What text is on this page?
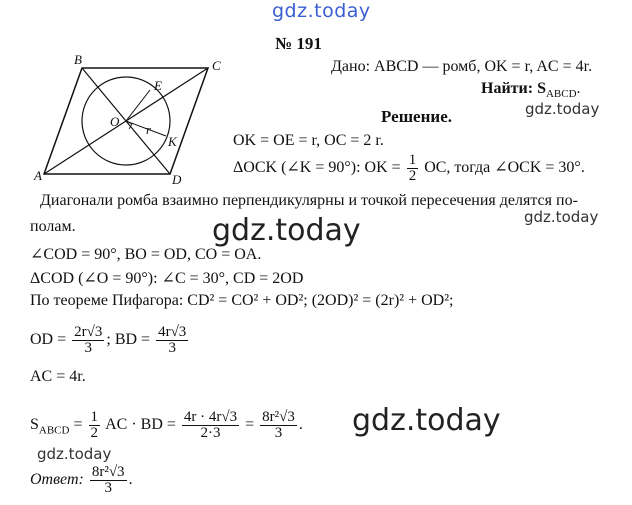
gdz.today
gdz.today
gdz.today
gdz.today
gdz.today
gdz.today
A
B	C
D
O
E
K
r
№ 191
Дано: ABCD — ромб, OK = r, AC = 4r.
Найти: $S_{ABCD}$.
Решение.
OK = OE = r, OC = 2 r.
ΔOCK (∠K = 90°): OK = $\frac{1}{2}$ OC, тогда ∠OCK = 30°.
Диагонали ромба взаимно перпендикулярны и точкой пересечения делятся по-
полам.
∠COD = 90°, BO = OD, CO = OA.
ΔCOD (∠O = 90°): ∠C = 30°, CD = 2OD
По теореме Пифагора: CD² = CO² + OD²; (2OD)² = (2r)² + OD²;
OD = $\frac{2r√3}{3}$ ; BD = $\frac{4r√3}{3}$
AC = 4r.
$S_{ABCD} = \frac{1}{2}$ AC · BD = $\frac{4r \cdot 4r√3}{2\cdot 3} = \frac{\text{8r²√3}}{3}$ .
Ответ: $\frac{\text{8r²√3}}{3}$ .
